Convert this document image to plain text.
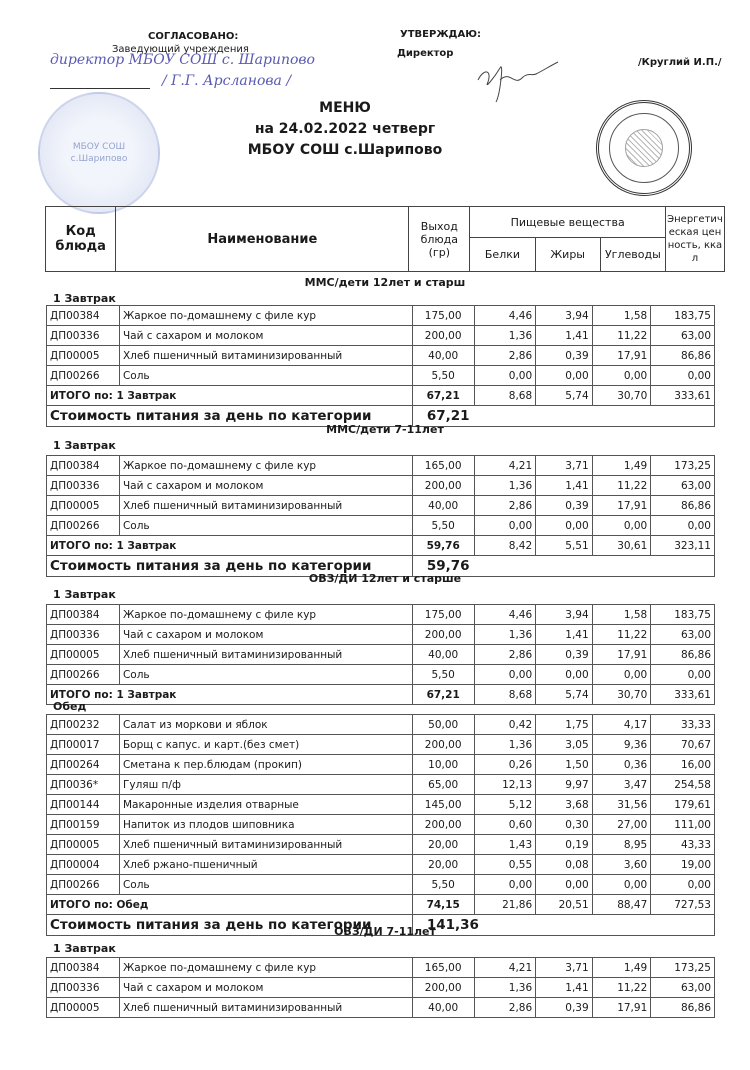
СОГЛАСОВАНО:
Заведующий учреждения
директор МБОУ СОШ с. Шарипово
/ Г.Г. Арсланова /
МБОУ СОШ с.Шарипово
УТВЕРЖДАЮ:
Директор
/Круглий И.П./
МЕНЮ
на 24.02.2022 четверг
МБОУ СОШ с.Шарипово
Код блюда	Наименование	Выход блюда (гр)	Пищевые вещества			Энергетическая ценность, ккал
			Белки	Жиры	Углеводы	
ММС/дети 12лет и старш
1 Завтрак
ДП00384	Жаркое по-домашнему с филе кур	175,00	4,46	3,94	1,58	183,75
ДП00336	Чай с сахаром и молоком	200,00	1,36	1,41	11,22	63,00
ДП00005	Хлеб пшеничный витаминизированный	40,00	2,86	0,39	17,91	86,86
ДП00266	Соль	5,50	0,00	0,00	0,00	0,00
ИТОГО по: 1 Завтрак		67,21	8,68	5,74	30,70	333,61
Стоимость питания за день по категории		67,21				
ММС/дети 7-11лет
1 Завтрак
ДП00384	Жаркое по-домашнему с филе кур	165,00	4,21	3,71	1,49	173,25
ДП00336	Чай с сахаром и молоком	200,00	1,36	1,41	11,22	63,00
ДП00005	Хлеб пшеничный витаминизированный	40,00	2,86	0,39	17,91	86,86
ДП00266	Соль	5,50	0,00	0,00	0,00	0,00
ИТОГО по: 1 Завтрак		59,76	8,42	5,51	30,61	323,11
Стоимость питания за день по категории		59,76				
ОВЗ/ДИ 12лет и старше
1 Завтрак
ДП00384	Жаркое по-домашнему с филе кур	175,00	4,46	3,94	1,58	183,75
ДП00336	Чай с сахаром и молоком	200,00	1,36	1,41	11,22	63,00
ДП00005	Хлеб пшеничный витаминизированный	40,00	2,86	0,39	17,91	86,86
ДП00266	Соль	5,50	0,00	0,00	0,00	0,00
ИТОГО по: 1 Завтрак		67,21	8,68	5,74	30,70	333,61
Обед
ДП00232	Салат из моркови и яблок	50,00	0,42	1,75	4,17	33,33
ДП00017	Борщ с капус. и карт.(без смет)	200,00	1,36	3,05	9,36	70,67
ДП00264	Сметана к пер.блюдам (прокип)	10,00	0,26	1,50	0,36	16,00
ДП0036*	Гуляш п/ф	65,00	12,13	9,97	3,47	254,58
ДП00144	Макаронные изделия отварные	145,00	5,12	3,68	31,56	179,61
ДП00159	Напиток из плодов шиповника	200,00	0,60	0,30	27,00	111,00
ДП00005	Хлеб пшеничный витаминизированный	20,00	1,43	0,19	8,95	43,33
ДП00004	Хлеб ржано-пшеничный	20,00	0,55	0,08	3,60	19,00
ДП00266	Соль	5,50	0,00	0,00	0,00	0,00
ИТОГО по: Обед		74,15	21,86	20,51	88,47	727,53
Стоимость питания за день по категории		141,36				
ОВЗ/ДИ 7-11лет
1 Завтрак
ДП00384	Жаркое по-домашнему с филе кур	165,00	4,21	3,71	1,49	173,25
ДП00336	Чай с сахаром и молоком	200,00	1,36	1,41	11,22	63,00
ДП00005	Хлеб пшеничный витаминизированный	40,00	2,86	0,39	17,91	86,86
